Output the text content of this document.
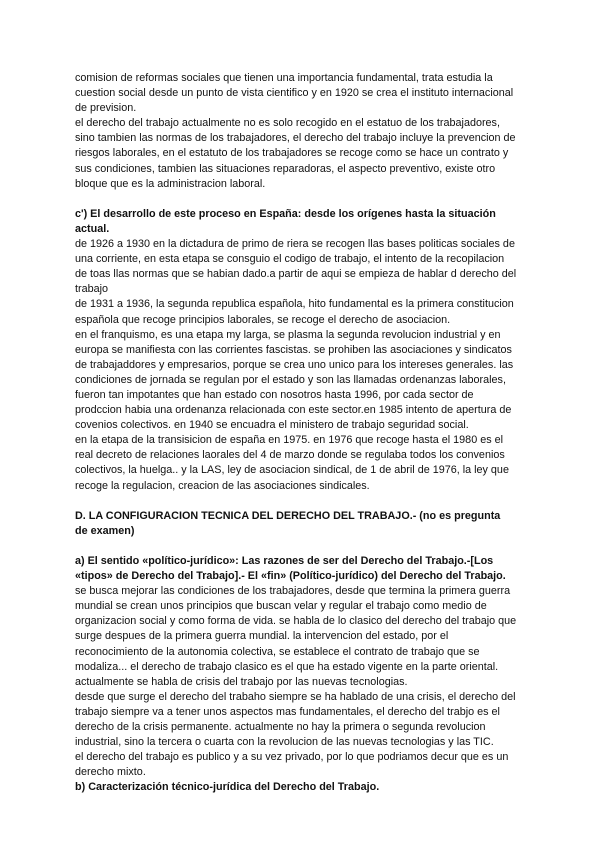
comision de reformas sociales que tienen una importancia fundamental, trata estudia la
cuestion social desde un punto de vista cientifico y en 1920 se crea el instituto internacional
de prevision.
el derecho del trabajo actualmente no es solo recogido en el estatuo de los trabajadores,
sino tambien las normas de los trabajadores, el derecho del trabajo incluye la prevencion de
riesgos laborales, en el estatuto de los trabajadores se recoge como se hace un contrato y
sus condiciones, tambien las situaciones reparadoras, el aspecto preventivo, existe otro
bloque que es la administracion laboral.
c') El desarrollo de este proceso en España: desde los orígenes hasta la situación
actual.
de 1926 a 1930 en la dictadura de primo de riera se recogen llas bases politicas sociales de
una corriente, en esta etapa se consguio el codigo de trabajo, el intento de la recopilacion
de toas llas normas que se habian dado.a partir de aqui se empieza de hablar d derecho del
trabajo
de 1931 a 1936, la segunda republica española, hito fundamental es la primera constitucion
española que recoge principios laborales, se recoge el derecho de asociacion.
en el franquismo, es una etapa my larga, se plasma la segunda revolucion industrial y en
europa se manifiesta con las corrientes fascistas. se prohiben las asociaciones y sindicatos
de trabajaddores y empresarios, porque se crea uno unico para los intereses generales. las
condiciones de jornada se regulan por el estado y son las llamadas ordenanzas laborales,
fueron tan impotantes que han estado con nosotros hasta 1996, por cada sector de
prodccion habia una ordenanza relacionada con este sector.en 1985 intento de apertura de
covenios colectivos. en 1940 se encuadra el ministero de trabajo seguridad social.
en la etapa de la transisicion de españa en 1975. en 1976 que recoge hasta el 1980 es el
real decreto de relaciones laorales del 4 de marzo donde se regulaba todos los convenios
colectivos, la huelga.. y la LAS, ley de asociacion sindical, de 1 de abril de 1976, la ley que
recoge la regulacion, creacion de las asociaciones sindicales.
D. LA CONFIGURACION TECNICA DEL DERECHO DEL TRABAJO.- (no es pregunta
de examen)
a) El sentido «político-jurídico»: Las razones de ser del Derecho del Trabajo.-[Los
«tipos» de Derecho del Trabajo].- El «fin» (Político-jurídico) del Derecho del Trabajo.
se busca mejorar las condiciones de los trabajadores, desde que termina la primera guerra
mundial se crean unos principios que buscan velar y regular el trabajo como medio de
organizacion social y como forma de vida. se habla de lo clasico del derecho del trabajo que
surge despues de la primera guerra mundial. la intervencion del estado, por el
reconocimiento de la autonomia colectiva, se establece el contrato de trabajo que se
modaliza... el derecho de trabajo clasico es el que ha estado vigente en la parte oriental.
actualmente se habla de crisis del trabajo por las nuevas tecnologias.
desde que surge el derecho del trabaho siempre se ha hablado de una crisis, el derecho del
trabajo siempre va a tener unos aspectos mas fundamentales, el derecho del trabjo es el
derecho de la crisis permanente. actualmente no hay la primera o segunda revolucion
industrial, sino la tercera o cuarta con la revolucion de las nuevas tecnologias y las TIC.
el derecho del trabajo es publico y a su vez privado, por lo que podriamos decur que es un
derecho mixto.
b) Caracterización técnico-jurídica del Derecho del Trabajo.
